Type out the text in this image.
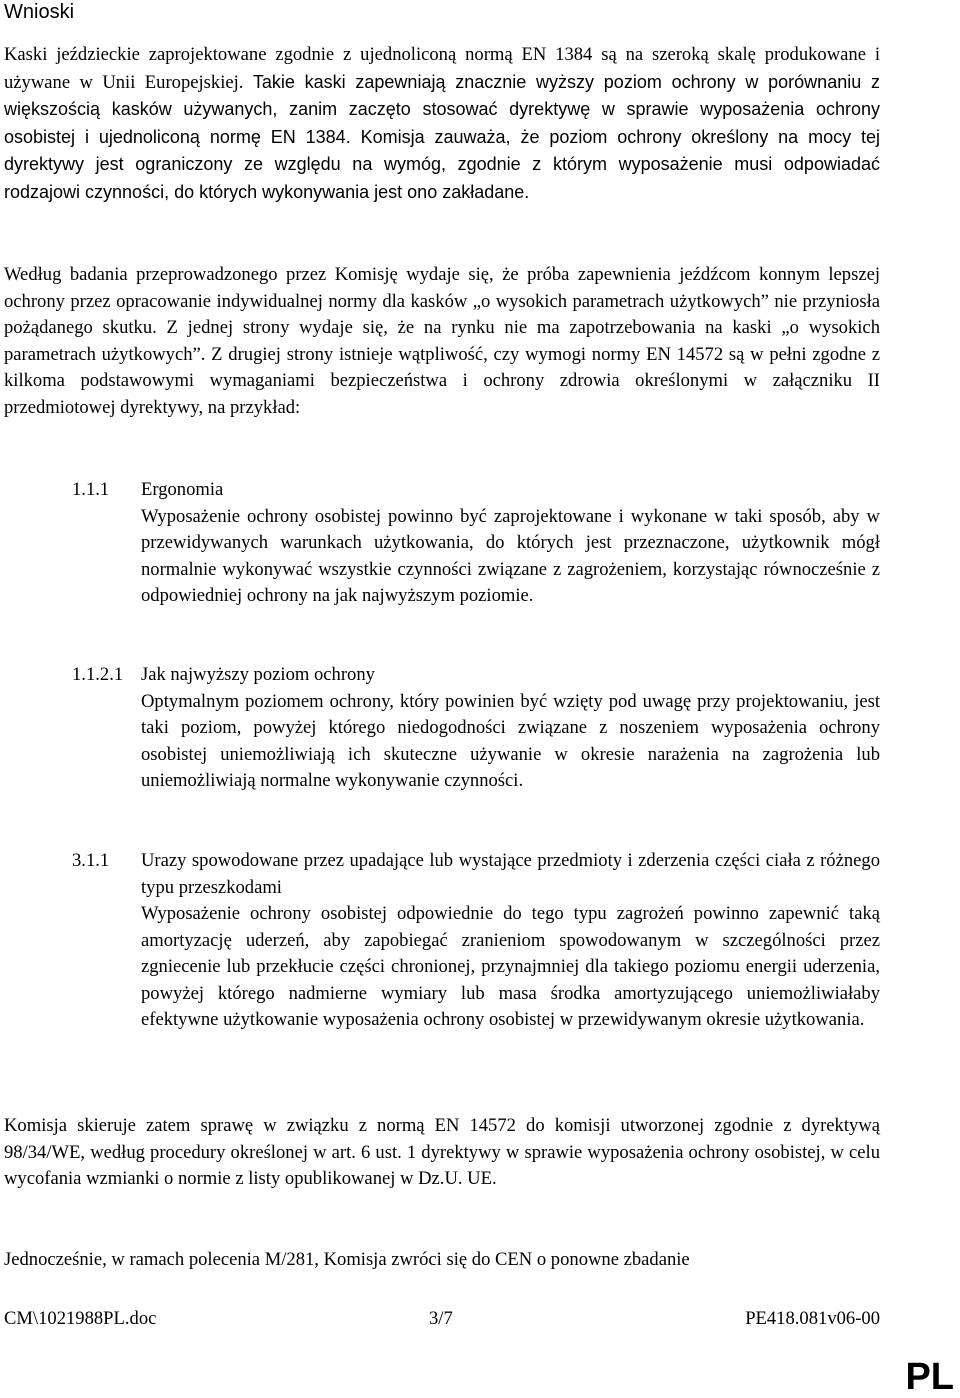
Wnioski

Kaski jeździeckie zaprojektowane zgodnie z ujednoliconą normą EN 1384 są na szeroką skalę produkowane i używane w Unii Europejskiej. Takie kaski zapewniają znacznie wyższy poziom ochrony w porównaniu z większością kasków używanych, zanim zaczęto stosować dyrektywę w sprawie wyposażenia ochrony osobistej i ujednoliconą normę EN 1384. Komisja zauważa, że poziom ochrony określony na mocy tej dyrektywy jest ograniczony ze względu na wymóg, zgodnie z którym wyposażenie musi odpowiadać rodzajowi czynności, do których wykonywania jest ono zakładane.

Według badania przeprowadzonego przez Komisję wydaje się, że próba zapewnienia jeźdźcom konnym lepszej ochrony przez opracowanie indywidualnej normy dla kasków „o wysokich parametrach użytkowych” nie przyniosła pożądanego skutku. Z jednej strony wydaje się, że na rynku nie ma zapotrzebowania na kaski „o wysokich parametrach użytkowych”. Z drugiej strony istnieje wątpliwość, czy wymogi normy EN 14572 są w pełni zgodne z kilkoma podstawowymi wymaganiami bezpieczeństwa i ochrony zdrowia określonymi w załączniku II przedmiotowej dyrektywy, na przykład:

1.1.1 Ergonomia
Wyposażenie ochrony osobistej powinno być zaprojektowane i wykonane w taki sposób, aby w przewidywanych warunkach użytkowania, do których jest przeznaczone, użytkownik mógł normalnie wykonywać wszystkie czynności związane z zagrożeniem, korzystając równocześnie z odpowiedniej ochrony na jak najwyższym poziomie.
1.1.2.1 Jak najwyższy poziom ochrony
Optymalnym poziomem ochrony, który powinien być wzięty pod uwagę przy projektowaniu, jest taki poziom, powyżej którego niedogodności związane z noszeniem wyposażenia ochrony osobistej uniemożliwiają ich skuteczne używanie w okresie narażenia na zagrożenia lub uniemożliwiają normalne wykonywanie czynności.
3.1.1 Urazy spowodowane przez upadające lub wystające przedmioty i zderzenia części ciała z różnego typu przeszkodami
Wyposażenie ochrony osobistej odpowiednie do tego typu zagrożeń powinno zapewnić taką amortyzację uderzeń, aby zapobiegać zranieniom spowodowanym w szczególności przez zgniecenie lub przekłucie części chronionej, przynajmniej dla takiego poziomu energii uderzenia, powyżej którego nadmierne wymiary lub masa środka amortyzującego uniemożliwiałaby efektywne użytkowanie wyposażenia ochrony osobistej w przewidywanym okresie użytkowania.

Komisja skieruje zatem sprawę w związku z normą EN 14572 do komisji utworzonej zgodnie z dyrektywą 98/34/WE, według procedury określonej w art. 6 ust. 1 dyrektywy w sprawie wyposażenia ochrony osobistej, w celu wycofania wzmianki o normie z listy opublikowanej w Dz.U. UE.

Jednocześnie, w ramach polecenia M/281, Komisja zwróci się do CEN o ponowne zbadanie

CM\1021988PL.doc	3/7	PE418.081v06-00
PL
